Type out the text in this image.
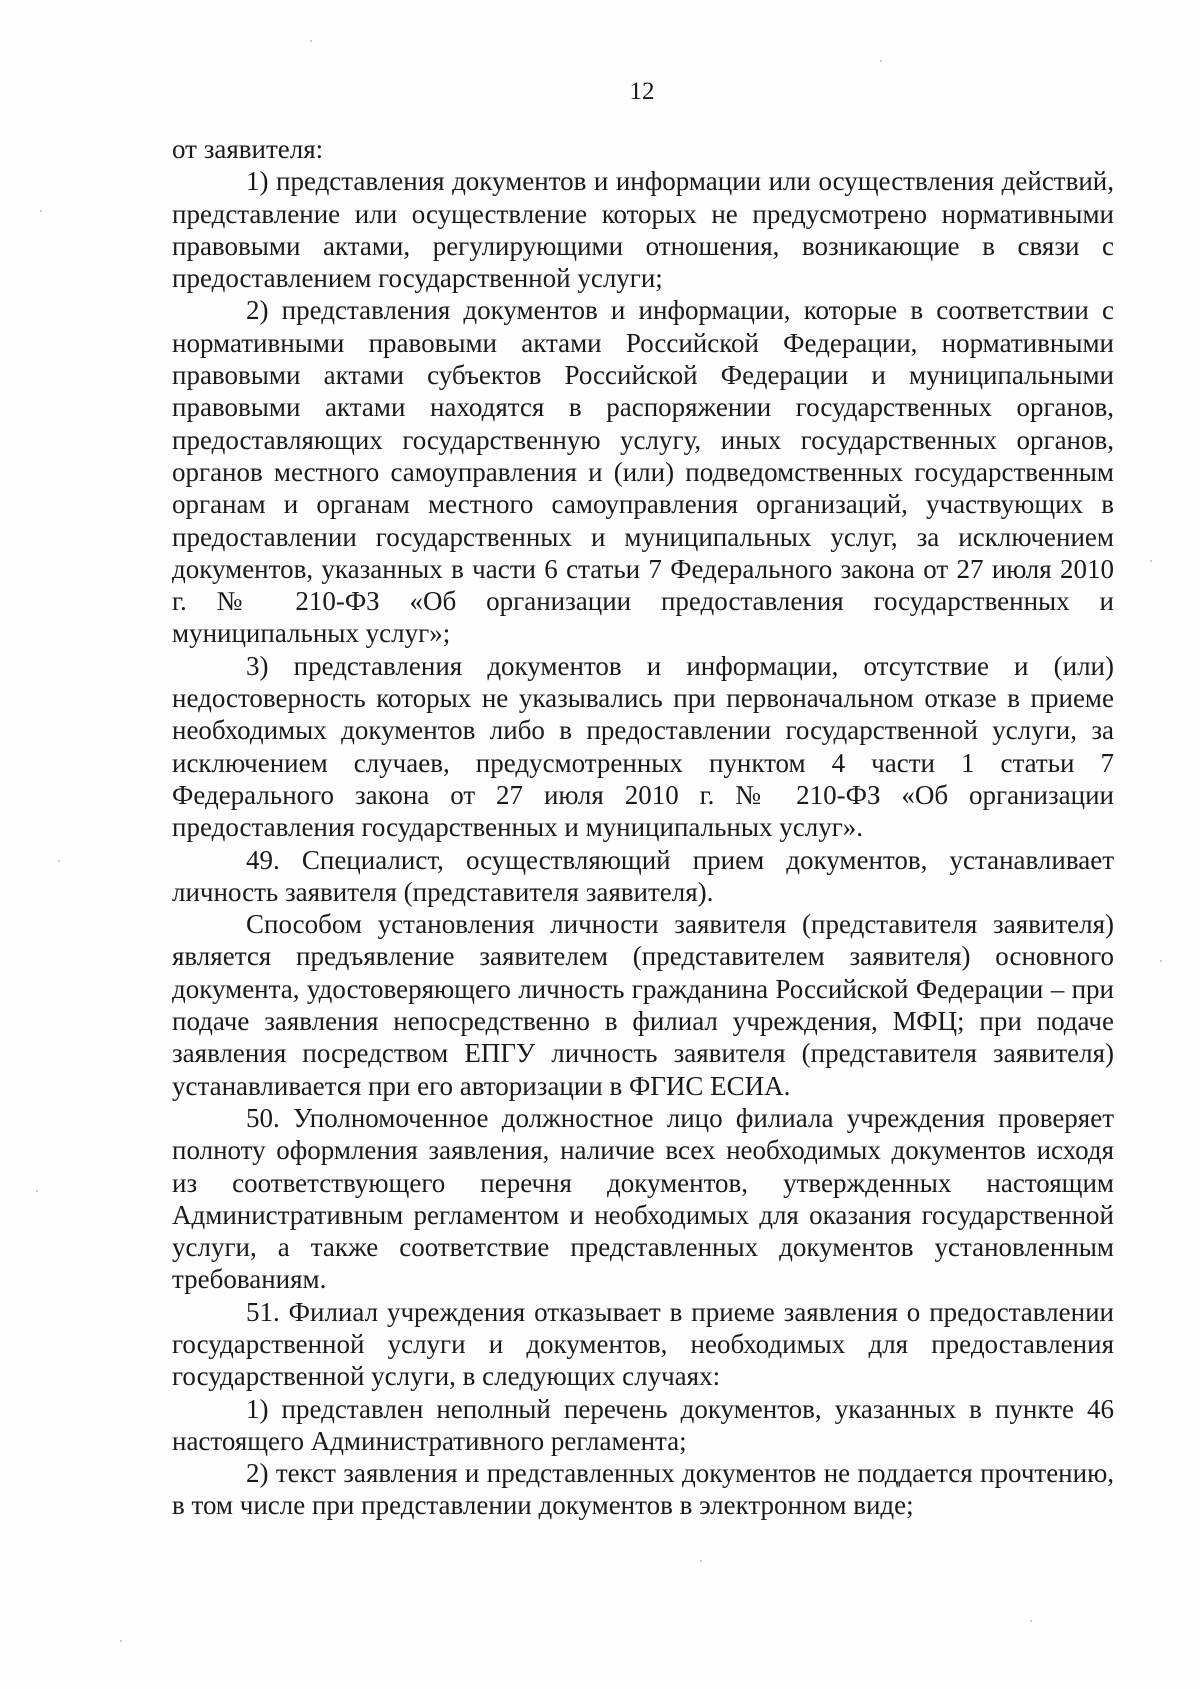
12

от заявителя:

1) представления документов и информации или осуществления действий, представление или осуществление которых не предусмотрено нормативными правовыми актами, регулирующими отношения, возникающие в связи с предоставлением государственной услуги;

2) представления документов и информации, которые в соответствии с нормативными правовыми актами Российской Федерации, нормативными правовыми актами субъектов Российской Федерации и муниципальными правовыми актами находятся в распоряжении государственных органов, предоставляющих государственную услугу, иных государственных органов, органов местного самоуправления и (или) подведомственных государственным органам и органам местного самоуправления организаций, участвующих в предоставлении государственных и муниципальных услуг, за исключением документов, указанных в части 6 статьи 7 Федерального закона от 27 июля 2010 г. № 210-ФЗ «Об организации предоставления государственных и муниципальных услуг»;

3) представления документов и информации, отсутствие и (или) недостоверность которых не указывались при первоначальном отказе в приеме необходимых документов либо в предоставлении государственной услуги, за исключением случаев, предусмотренных пунктом 4 части 1 статьи 7 Федерального закона от 27 июля 2010 г. № 210-ФЗ «Об организации предоставления государственных и муниципальных услуг».

49. Специалист, осуществляющий прием документов, устанавливает личность заявителя (представителя заявителя).

Способом установления личности заявителя (представителя заявителя) является предъявление заявителем (представителем заявителя) основного документа, удостоверяющего личность гражданина Российской Федерации – при подаче заявления непосредственно в филиал учреждения, МФЦ; при подаче заявления посредством ЕПГУ личность заявителя (представителя заявителя) устанавливается при его авторизации в ФГИС ЕСИА.

50. Уполномоченное должностное лицо филиала учреждения проверяет полноту оформления заявления, наличие всех необходимых документов исходя из соответствующего перечня документов, утвержденных настоящим Административным регламентом и необходимых для оказания государственной услуги, а также соответствие представленных документов установленным требованиям.

51. Филиал учреждения отказывает в приеме заявления о предоставлении государственной услуги и документов, необходимых для предоставления государственной услуги, в следующих случаях:

1) представлен неполный перечень документов, указанных в пункте 46 настоящего Административного регламента;

2) текст заявления и представленных документов не поддается прочтению, в том числе при представлении документов в электронном виде;
